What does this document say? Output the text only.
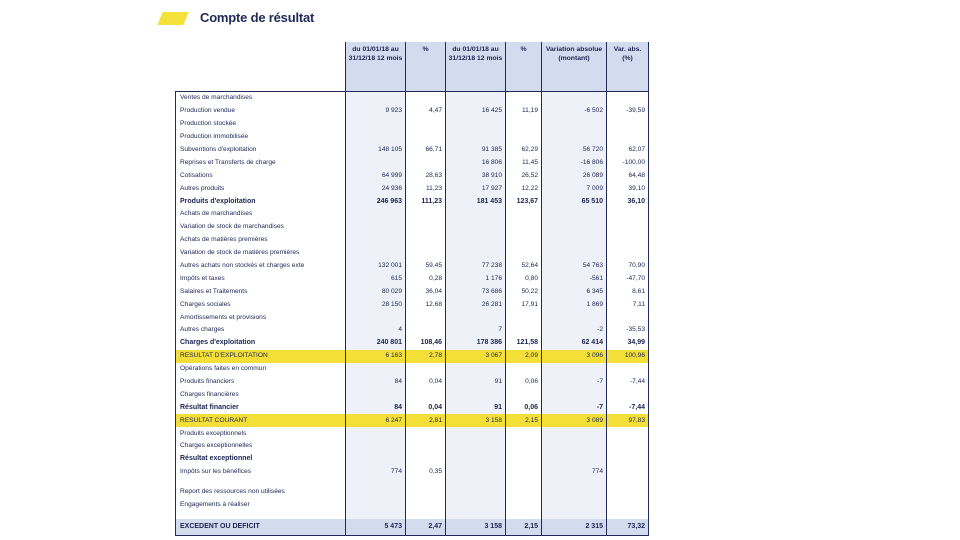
Compte de résultat
	du 01/01/18 au 31/12/18 12 mois	%	du 01/01/18 au 31/12/18 12 mois	%	Variation absolue (montant)	Var. abs. (%)
Ventes de marchandises						
Production vendue	9 923	4,47	16 425	11,19	-6 502	-39,59
Production stockée						
Production immobilisée						
Subventions d'exploitation	148 105	66,71	91 385	62,29	56 720	62,07
Reprises et Transferts de charge			16 806	11,45	-16 806	-100,00
Cotisations	64 999	28,63	38 910	26,52	26 089	64,48
Autres produits	24 936	11,23	17 927	12,22	7 009	39,10
Produits d'exploitation	246 963	111,23	181 453	123,67	65 510	36,10
Achats de marchandises						
Variation de stock de marchandises						
Achats de matières premières						
Variation de stock de matières premières						
Autres achats non stockés et charges exte	132 001	59,45	77 238	52,64	54 763	70,90
Impôts et taxes	615	0,28	1 176	0,80	-561	-47,70
Salaires et Traitements	80 029	36,04	73 686	50,22	6 345	8,61
Charges sociales	28 150	12,68	26 281	17,91	1 869	7,11
Amortissements et provisions						
Autres charges	4		7		-2	-35,53
Charges d'exploitation	240 801	108,46	178 386	121,58	62 414	34,99
RESULTAT D'EXPLOITATION	6 163	2,78	3 067	2,09	3 096	100,96
Opérations faites en commun						
Produits financiers	84	0,04	91	0,06	-7	-7,44
Charges financières						
Résultat financier	84	0,04	91	0,06	-7	-7,44
RESULTAT COURANT	6 247	2,81	3 158	2,15	3 089	97,83
Produits exceptionnels						
Charges exceptionnelles						
Résultat exceptionnel						
Impôts sur les bénéfices	774	0,35			774	

Report des ressources non utilisées						
Engagements à réaliser						

EXCEDENT OU DEFICIT	5 473	2,47	3 158	2,15	2 315	73,32
